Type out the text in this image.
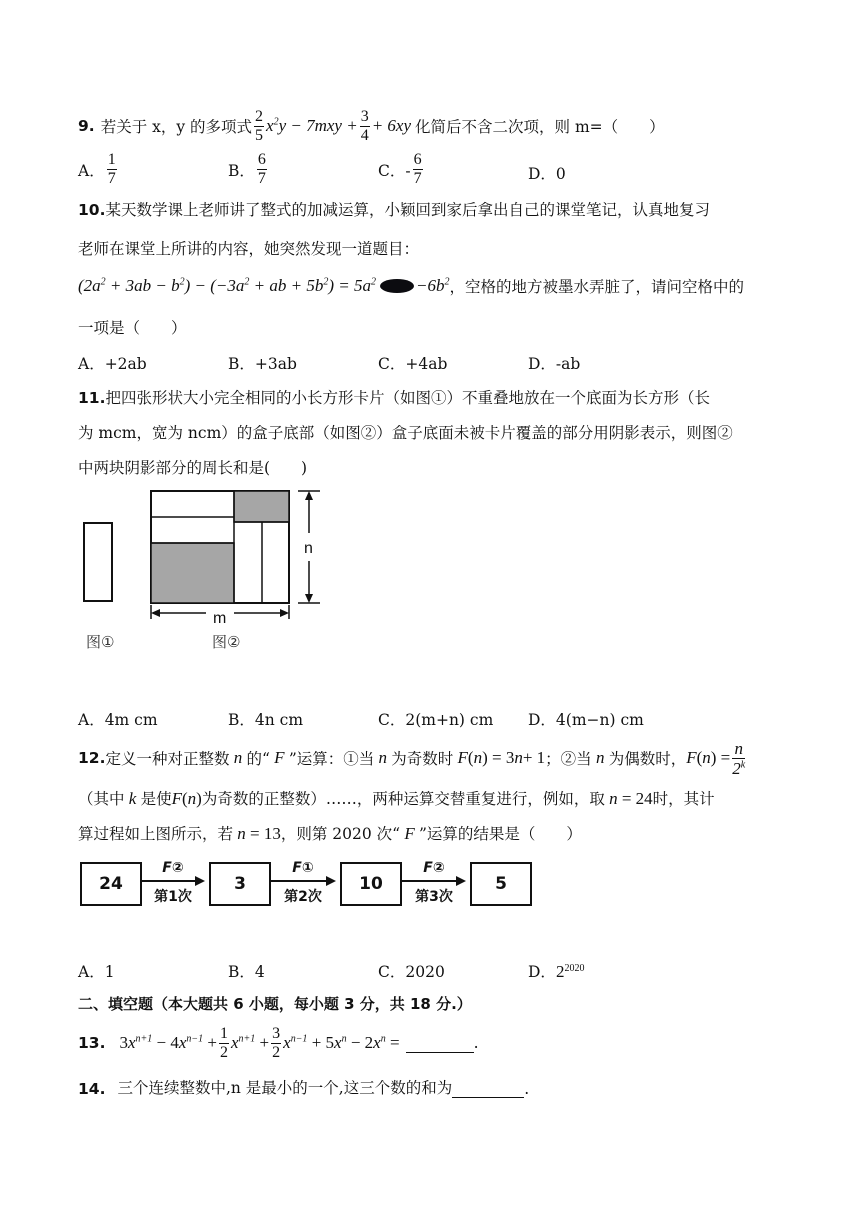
9. 若关于 x，y 的多项式 $\frac{2}{5} x^2y - 7mxy + \frac{3}{4} + 6xy$ 化简后不含二次项，则 m=（　　）
A． $\frac{1}{7}$	B． $\frac{6}{7}$	C．- $\frac{6}{7}$	D．0
10.某天数学课上老师讲了整式的加减运算，小颖回到家后拿出自己的课堂笔记，认真地复习
老师在课堂上所讲的内容，她突然发现一道题目：
$(2a^2 + 3ab - b^2) - (-3a^2$ + ab + $5b^2) = 5a^2 -6b^2$ ，空格的地方被墨水弄脏了，请问空格中的
一项是（　　）
A．+2ab	B．+3ab	C．+4ab	D．-ab
11.把四张形状大小完全相同的小长方形卡片（如图①）不重叠地放在一个底面为长方形（长
为 mcm，宽为 ncm）的盒子底部（如图②）盒子底面未被卡片覆盖的部分用阴影表示，则图②
中两块阴影部分的周长和是(　　)
n
m
图①	图②
A．4m cm	B．4n cm	C．2(m+n) cm D．4(m−n) cm
12. 定义一种对正整数 n 的“ F ”运算：①当 n 为奇数时 F ( n ) = 3 n + 1 ；②当 n 为偶数时， F ( n ) = $\frac{n}{2^k}$
（其中 k 是使F(n)为奇数的正整数）……，两种运算交替重复进行，例如，取 n = 24时，其计
算过程如上图所示，若 n = 13，则第 2020 次“ F ”运算的结果是（　　）
24	3	10	5
F②
第1次
F①
第2次
F②
第3次
A．1	B．4	C．2020	D．$2^{2020}$
二、填空题（本大题共 6 小题，每小题 3 分，共 18 分.）
13. $3x^{n+1} - 4x^{n-1} + \frac{1}{2} x^{n+1} + \frac{3}{2} x^{n-1} + 5x^n - 2x^n$ =	.
14. 三个连续整数中,n 是最小的一个,这三个数的和为	.
